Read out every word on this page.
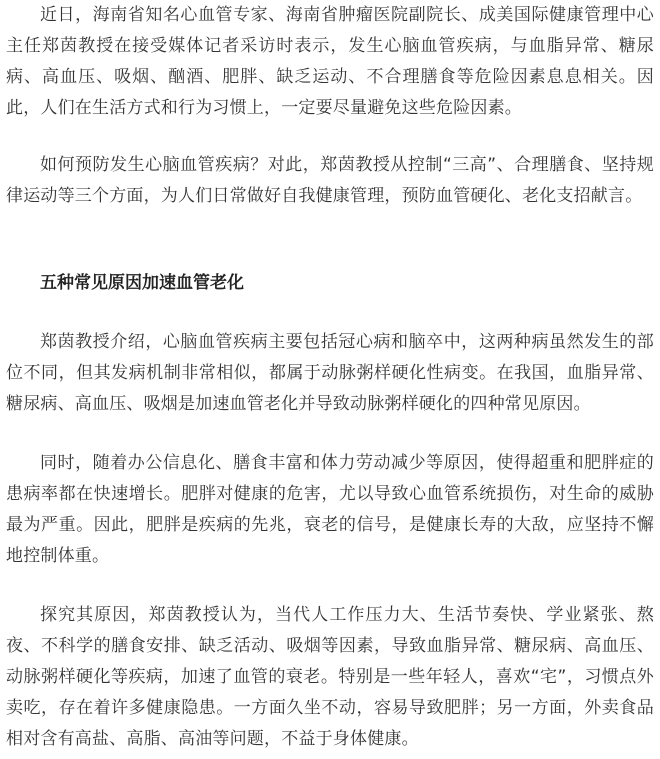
近日，海南省知名心血管专家、海南省肿瘤医院副院长、成美国际健康管理中心主任郑茵教授在接受媒体记者采访时表示，发生心脑血管疾病，与血脂异常、糖尿病、高血压、吸烟、酗酒、肥胖、缺乏运动、不合理膳食等危险因素息息相关。因此，人们在生活方式和行为习惯上，一定要尽量避免这些危险因素。

如何预防发生心脑血管疾病？对此，郑茵教授从控制“三高”、合理膳食、坚持规律运动等三个方面，为人们日常做好自我健康管理，预防血管硬化、老化支招献言。

五种常见原因加速血管老化

郑茵教授介绍，心脑血管疾病主要包括冠心病和脑卒中，这两种病虽然发生的部位不同，但其发病机制非常相似，都属于动脉粥样硬化性病变。在我国，血脂异常、糖尿病、高血压、吸烟是加速血管老化并导致动脉粥样硬化的四种常见原因。

同时，随着办公信息化、膳食丰富和体力劳动减少等原因，使得超重和肥胖症的患病率都在快速增长。肥胖对健康的危害，尤以导致心血管系统损伤，对生命的威胁最为严重。因此，肥胖是疾病的先兆，衰老的信号，是健康长寿的大敌，应坚持不懈地控制体重。

探究其原因，郑茵教授认为，当代人工作压力大、生活节奏快、学业紧张、熬夜、不科学的膳食安排、缺乏活动、吸烟等因素，导致血脂异常、糖尿病、高血压、动脉粥样硬化等疾病，加速了血管的衰老。特别是一些年轻人，喜欢“宅”，习惯点外卖吃，存在着许多健康隐患。一方面久坐不动，容易导致肥胖；另一方面，外卖食品相对含有高盐、高脂、高油等问题，不益于身体健康。
